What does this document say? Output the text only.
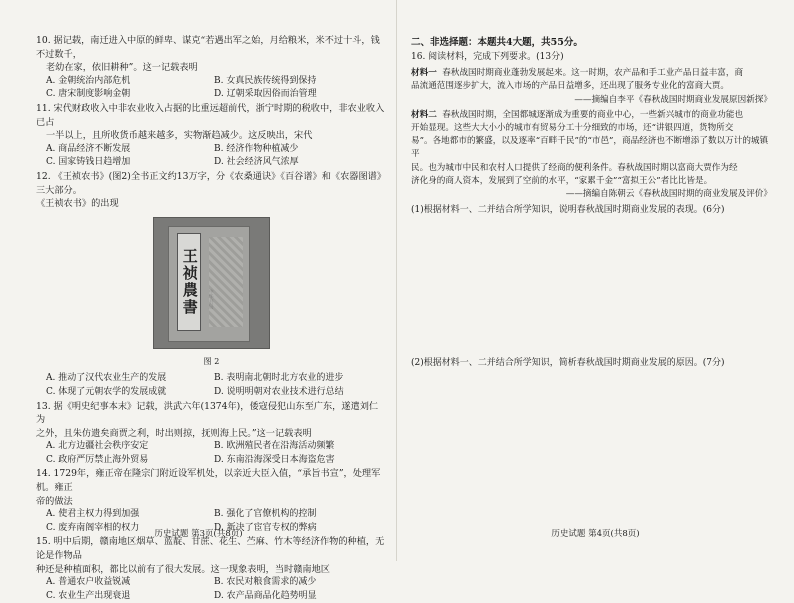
10. 据记载，南迁进入中原的鲜卑、谋克“若遇出军之始，月给粮米，米不过十斗，钱不过数千，

老幼在家，依旧耕种”。这一记载表明

A. 金朝统治内部危机	B. 女真民族传统得到保持
C. 唐宋制度影响金朝	D. 辽朝采取因俗而治管理

11. 宋代财政收入中非农业收入占据的比重远超前代，浙宁时期的税收中，非农业收入已占

一半以上，且所收货币越来越多，实物渐趋减少。这反映出，宋代

A. 商品经济不断发展	B. 经济作物种植减少
C. 国家铸钱日趋增加	D. 社会经济风气浓厚

12. 《王祯农书》(图2)全书正文约13万字，分《农桑通诀》《百谷谱》和《农器图谱》三大部分。

《王祯农书》的出现

王祯農書
图 2
A. 推动了汉代农业生产的发展	B. 表明南北朝时北方农业的进步
C. 体现了元朝农学的发展成就	D. 说明明朝对农业技术进行总结

13. 据《明史纪事本末》记载，洪武六年(1374年)，倭寇侵犯山东至广东，遂遣刘仁为

之外，且朱仿遗矣商贾之利，时出则掠，抚则海上民。”这一记载表明

A. 北方边疆社会秩序安定	B. 欧洲殖民者在沿海活动频繁
C. 政府严厉禁止海外贸易	D. 东南沿海深受日本海盗危害

14. 1729年，雍正帝在隆宗门附近设军机处，以亲近大臣入值，“承旨书宣”，处理军机。雍正

帝的做法

A. 使君主权力得到加强	B. 强化了官僚机构的控制
C. 废弃南阁宰相的权力	D. 新决了宦官专权的弊病

15. 明中后期，赣南地区烟草、蓝靛、甘蔗、花生、苎麻、竹木等经济作物的种植，无论是作物品

种还是种植面积，都比以前有了很大发展。这一现象表明，当时赣南地区

A. 普通农户收益锐减	B. 农民对粮食需求的减少
C. 农业生产出现衰退	D. 农产品商品化趋势明显
历史试题 第3页(共8页)

二、非选择题：本题共4大题，共55分。

16. 阅读材料，完成下列要求。(13分)

材料一 春秋战国时期商业蓬勃发展起来。这一时期，农产品和手工业产品日益丰富，商

品流通范围逐步扩大，流入市场的产品日益增多，还出现了服务专业化的富商大贾。

——摘编自李平《春秋战国时期商业发展原因新探》

材料二 春秋战国时期，全国都城逐渐成为重要的商业中心，一些新兴城市的商业功能也

开始显现。这些大大小小的城市有贸易分工十分细致的市场，还“讲银四道，货物所交

易”。各地都市的繁盛，以及逐率“百畔千民”的“市邑”，商品经济也不断增添了数以万计的城镇平

民。也为城市中民和农村人口提供了经商的便利条件。春秋战国时期以富商大贾作为经

济化身的商人资本，发展到了空前的水平，“家累千金”“富拟王公”者比比皆是。

——摘编自陈朝云《春秋战国时期的商业发展及评价》

(1)根据材料一、二并结合所学知识，说明春秋战国时期商业发展的表现。(6分)

(2)根据材料一、二并结合所学知识，简析春秋战国时期商业发展的原因。(7分)

历史试题 第4页(共8页)
